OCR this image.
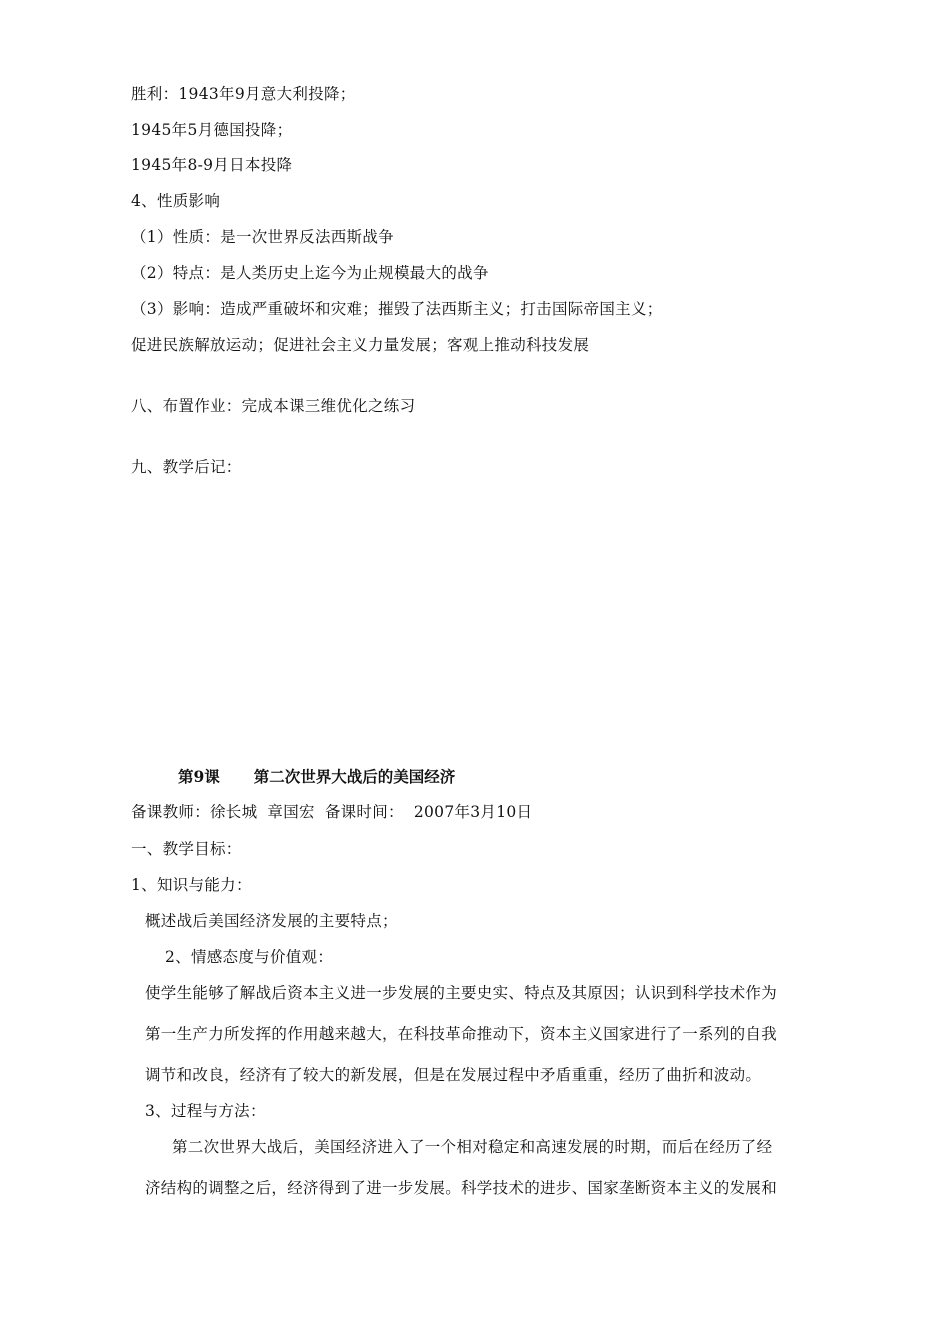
胜利：1943年9月意大利投降；
1945年5月德国投降；
1945年8-9月日本投降
4、性质影响
（1）性质：是一次世界反法西斯战争
（2）特点：是人类历史上迄今为止规模最大的战争
（3）影响：造成严重破坏和灾难；摧毁了法西斯主义；打击国际帝国主义；
促进民族解放运动；促进社会主义力量发展；客观上推动科技发展
八、布置作业：完成本课三维优化之练习
九、教学后记：
第9课 第二次世界大战后的美国经济
备课教师：徐长城 章国宏 备课时间： 2007年3月10日
一、教学目标：
1、知识与能力：
概述战后美国经济发展的主要特点；
2、情感态度与价值观：
使学生能够了解战后资本主义进一步发展的主要史实、特点及其原因；认识到科学技术作为
第一生产力所发挥的作用越来越大，在科技革命推动下，资本主义国家进行了一系列的自我
调节和改良，经济有了较大的新发展，但是在发展过程中矛盾重重，经历了曲折和波动。
3、过程与方法：
第二次世界大战后，美国经济进入了一个相对稳定和高速发展的时期，而后在经历了经
济结构的调整之后，经济得到了进一步发展。科学技术的进步、国家垄断资本主义的发展和
